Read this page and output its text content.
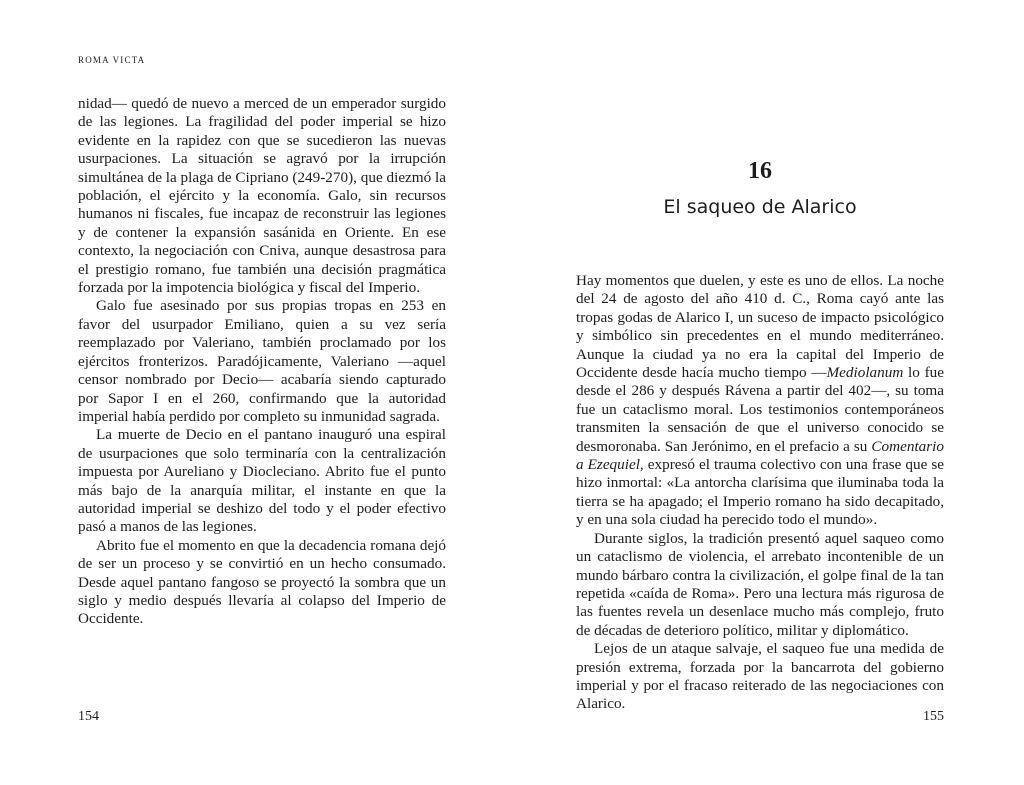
ROMA VICTA

nidad— quedó de nuevo a merced de un emperador surgido de las legiones. La fragilidad del poder imperial se hizo evidente en la rapidez con que se sucedieron las nuevas usurpaciones. La situación se agravó por la irrupción simultánea de la plaga de Cipriano (249-270), que diezmó la población, el ejército y la economía. Galo, sin recursos humanos ni fiscales, fue incapaz de reconstruir las legiones y de contener la expansión sasánida en Oriente. En ese contexto, la negociación con Cniva, aunque desastrosa para el prestigio romano, fue también una decisión pragmática forzada por la impotencia biológica y fiscal del Imperio.

Galo fue asesinado por sus propias tropas en 253 en favor del usurpador Emiliano, quien a su vez sería reemplazado por Valeriano, también proclamado por los ejércitos fronterizos. Paradójicamente, Valeriano —aquel censor nombrado por Decio— acabaría siendo capturado por Sapor I en el 260, confirmando que la autoridad imperial había perdido por completo su inmunidad sagrada.

La muerte de Decio en el pantano inauguró una espiral de usurpaciones que solo terminaría con la centralización impuesta por Aureliano y Diocleciano. Abrito fue el punto más bajo de la anarquía militar, el instante en que la autoridad imperial se deshizo del todo y el poder efectivo pasó a manos de las legiones.

Abrito fue el momento en que la decadencia romana dejó de ser un proceso y se convirtió en un hecho consumado. Desde aquel pantano fangoso se proyectó la sombra que un siglo y medio después llevaría al colapso del Imperio de Occidente.

154
16
El saqueo de Alarico

Hay momentos que duelen, y este es uno de ellos. La noche del 24 de agosto del año 410 d. C., Roma cayó ante las tropas godas de Alarico I, un suceso de impacto psicológico y simbólico sin precedentes en el mundo mediterráneo. Aunque la ciudad ya no era la capital del Imperio de Occidente desde hacía mucho tiempo —Mediolanum lo fue desde el 286 y después Rávena a partir del 402—, su toma fue un cataclismo moral. Los testimonios contemporáneos transmiten la sensación de que el universo conocido se desmoronaba. San Jerónimo, en el prefacio a su Comentario a Ezequiel, expresó el trauma colectivo con una frase que se hizo inmortal: «La antorcha clarísima que iluminaba toda la tierra se ha apagado; el Imperio romano ha sido decapitado, y en una sola ciudad ha perecido todo el mundo».

Durante siglos, la tradición presentó aquel saqueo como un cataclismo de violencia, el arrebato incontenible de un mundo bárbaro contra la civilización, el golpe final de la tan repetida «caída de Roma». Pero una lectura más rigurosa de las fuentes revela un desenlace mucho más complejo, fruto de décadas de deterioro político, militar y diplomático.

Lejos de un ataque salvaje, el saqueo fue una medida de presión extrema, forzada por la bancarrota del gobierno imperial y por el fracaso reiterado de las negociaciones con Alarico.

155
